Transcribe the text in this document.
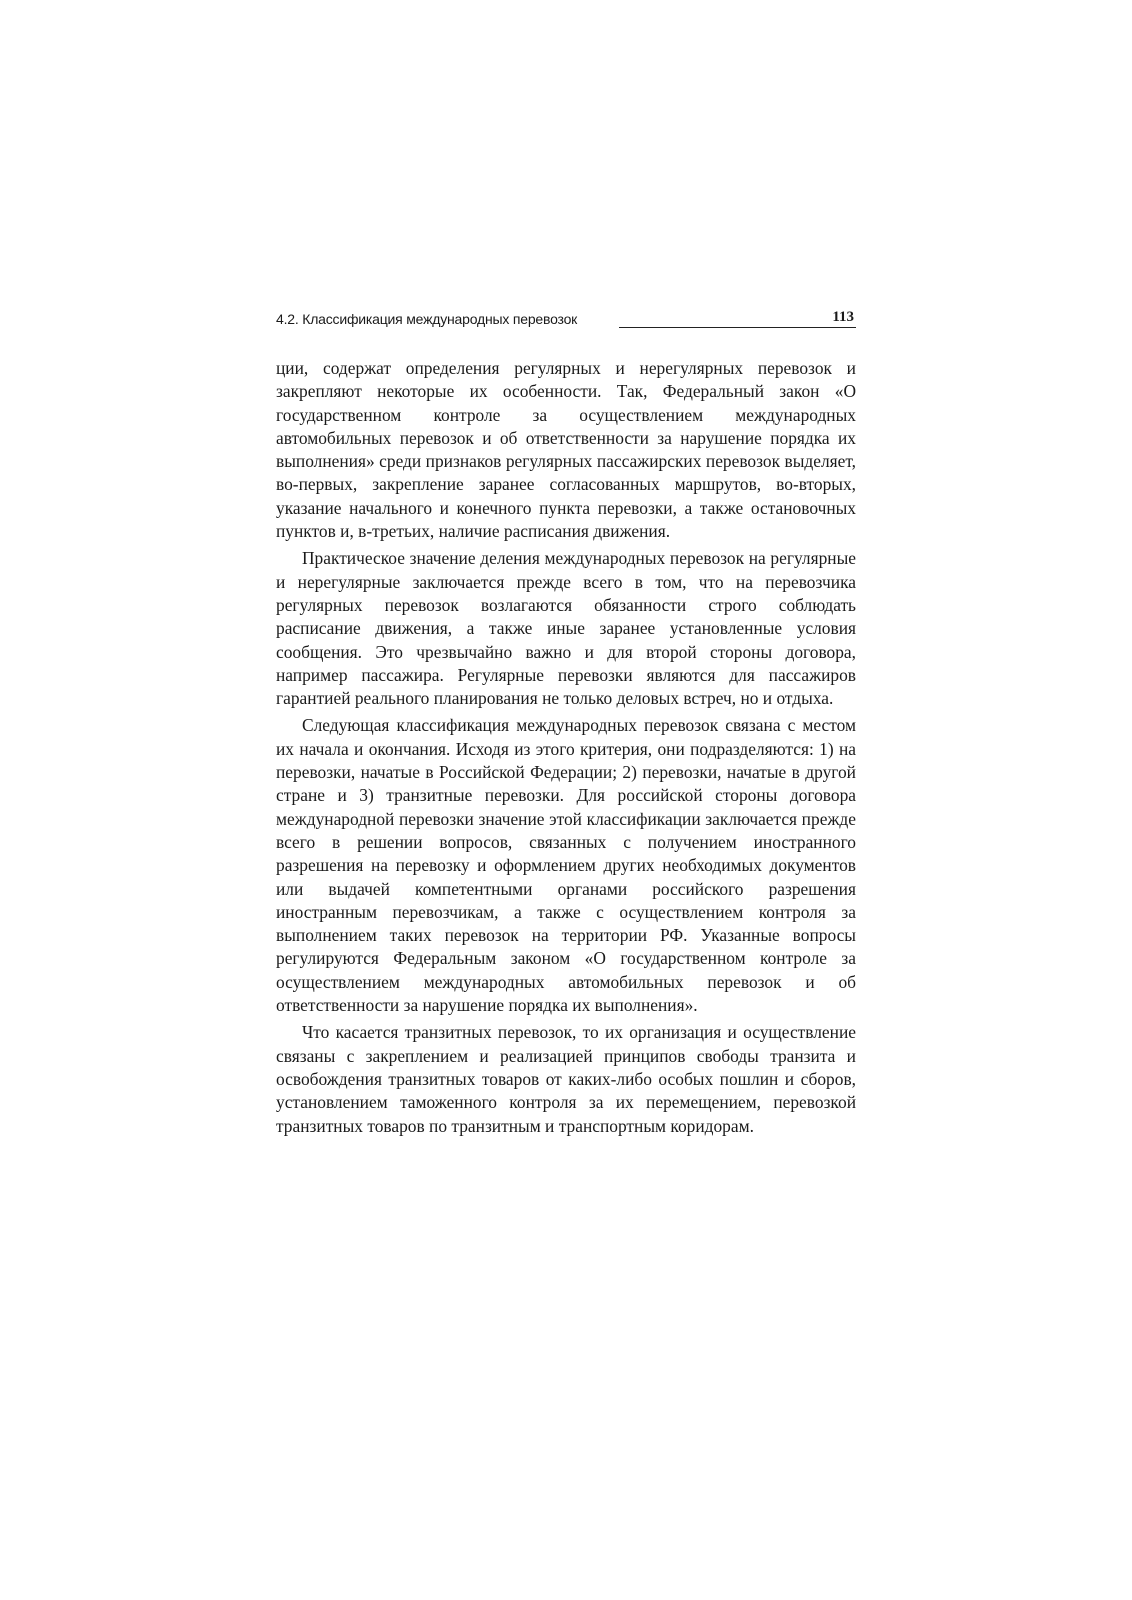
4.2. Классификация международных перевозок	113

ции, содержат определения регулярных и нерегулярных перевозок и закрепляют некоторые их особенности. Так, Федеральный закон «О государственном контроле за осуществлением международных автомобильных перевозок и об ответственности за нарушение порядка их выполнения» среди признаков регулярных пассажирских перевозок выделяет, во-первых, закрепление заранее согласованных маршрутов, во-вторых, указание начального и конечного пункта перевозки, а также остановочных пунктов и, в-третьих, наличие расписания движения.

Практическое значение деления международных перевозок на регулярные и нерегулярные заключается прежде всего в том, что на перевозчика регулярных перевозок возлагаются обязанности строго соблюдать расписание движения, а также иные заранее установленные условия сообщения. Это чрезвычайно важно и для второй стороны договора, например пассажира. Регулярные перевозки являются для пассажиров гарантией реального планирования не только деловых встреч, но и отдыха.

Следующая классификация международных перевозок связана с местом их начала и окончания. Исходя из этого критерия, они подразделяются: 1) на перевозки, начатые в Российской Федерации; 2) перевозки, начатые в другой стране и 3) транзитные перевозки. Для российской стороны договора международной перевозки значение этой классификации заключается прежде всего в решении вопросов, связанных с получением иностранного разрешения на перевозку и оформлением других необходимых документов или выдачей компетентными органами российского разрешения иностранным перевозчикам, а также с осуществлением контроля за выполнением таких перевозок на территории РФ. Указанные вопросы регулируются Федеральным законом «О государственном контроле за осуществлением международных автомобильных перевозок и об ответственности за нарушение порядка их выполнения».

Что касается транзитных перевозок, то их организация и осуществление связаны с закреплением и реализацией принципов свободы транзита и освобождения транзитных товаров от каких-либо особых пошлин и сборов, установлением таможенного контроля за их перемещением, перевозкой транзитных товаров по транзитным и транспортным коридорам.
